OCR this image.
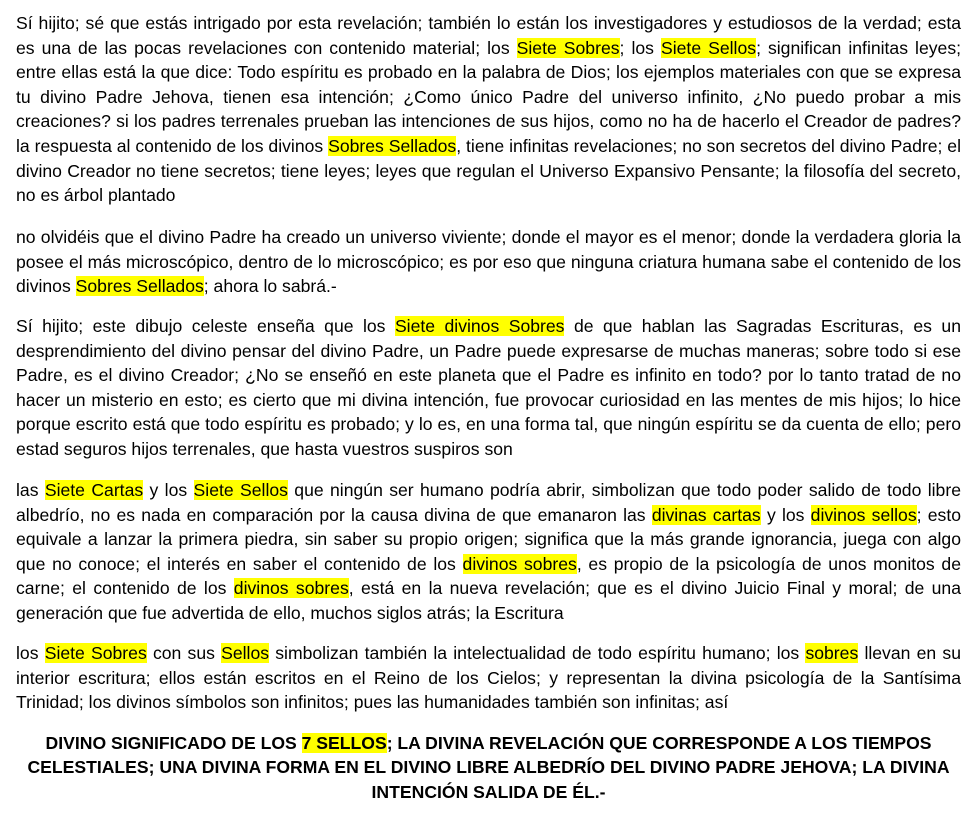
Sí hijito; sé que estás intrigado por esta revelación; también lo están los investigadores y estudiosos de la verdad; esta es una de las pocas revelaciones con contenido material; los Siete Sobres; los Siete Sellos; significan infinitas leyes; entre ellas está la que dice: Todo espíritu es probado en la palabra de Dios; los ejemplos materiales con que se expresa tu divino Padre Jehova, tienen esa intención; ¿Como único Padre del universo infinito, ¿No puedo probar a mis creaciones? si los padres terrenales prueban las intenciones de sus hijos, como no ha de hacerlo el Creador de padres? la respuesta al contenido de los divinos Sobres Sellados, tiene infinitas revelaciones; no son secretos del divino Padre; el divino Creador no tiene secretos; tiene leyes; leyes que regulan el Universo Expansivo Pensante; la filosofía del secreto, no es árbol plantado

no olvidéis que el divino Padre ha creado un universo viviente; donde el mayor es el menor; donde la verdadera gloria la posee el más microscópico, dentro de lo microscópico; es por eso que ninguna criatura humana sabe el contenido de los divinos Sobres Sellados; ahora lo sabrá.-

Sí hijito; este dibujo celeste enseña que los Siete divinos Sobres de que hablan las Sagradas Escrituras, es un desprendimiento del divino pensar del divino Padre, un Padre puede expresarse de muchas maneras; sobre todo si ese Padre, es el divino Creador; ¿No se enseñó en este planeta que el Padre es infinito en todo? por lo tanto tratad de no hacer un misterio en esto; es cierto que mi divina intención, fue provocar curiosidad en las mentes de mis hijos; lo hice porque escrito está que todo espíritu es probado; y lo es, en una forma tal, que ningún espíritu se da cuenta de ello; pero estad seguros hijos terrenales, que hasta vuestros suspiros son

las Siete Cartas y los Siete Sellos que ningún ser humano podría abrir, simbolizan que todo poder salido de todo libre albedrío, no es nada en comparación por la causa divina de que emanaron las divinas cartas y los divinos sellos; esto equivale a lanzar la primera piedra, sin saber su propio origen; significa que la más grande ignorancia, juega con algo que no conoce; el interés en saber el contenido de los divinos sobres, es propio de la psicología de unos monitos de carne; el contenido de los divinos sobres, está en la nueva revelación; que es el divino Juicio Final y moral; de una generación que fue advertida de ello, muchos siglos atrás; la Escritura

los Siete Sobres con sus Sellos simbolizan también la intelectualidad de todo espíritu humano; los sobres llevan en su interior escritura; ellos están escritos en el Reino de los Cielos; y representan la divina psicología de la Santísima Trinidad; los divinos símbolos son infinitos; pues las humanidades también son infinitas; así

DIVINO SIGNIFICADO DE LOS 7 SELLOS; LA DIVINA REVELACIÓN QUE CORRESPONDE A LOS TIEMPOS CELESTIALES; UNA DIVINA FORMA EN EL DIVINO LIBRE ALBEDRÍO DEL DIVINO PADRE JEHOVA; LA DIVINA INTENCIÓN SALIDA DE ÉL.-
